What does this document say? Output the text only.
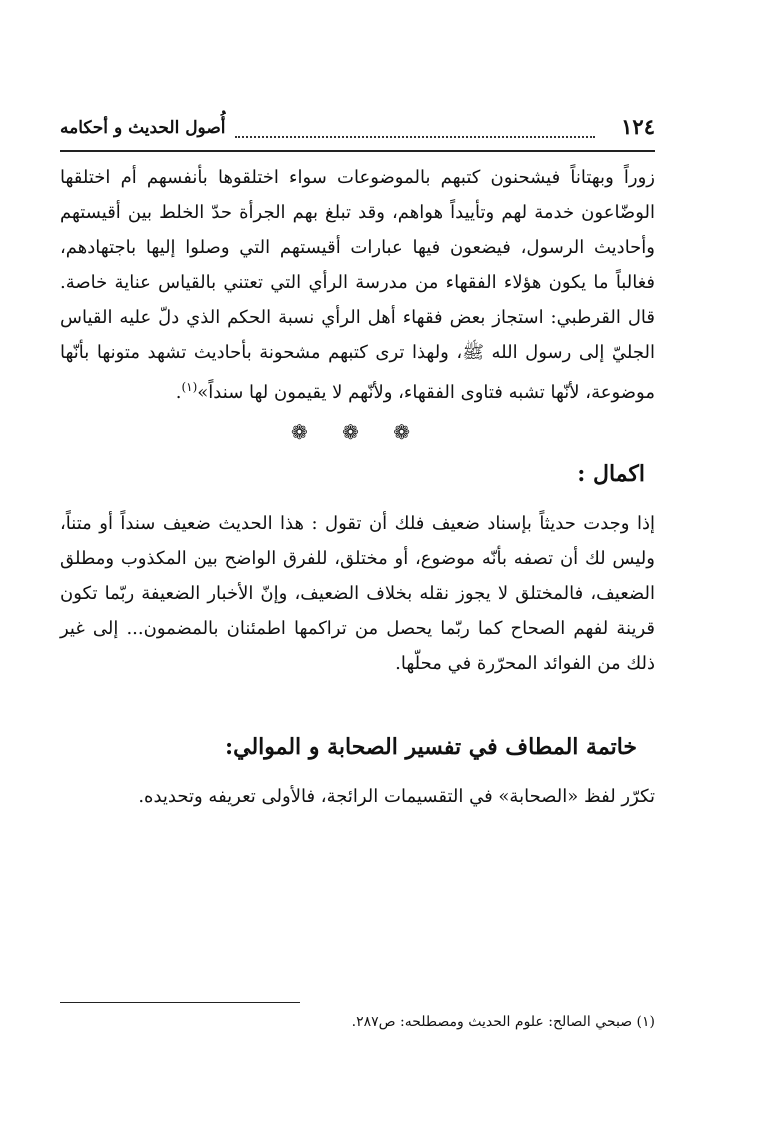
أُصول الحديث و أحكامه	١٢٤

زوراً وبهتاناً فيشحنون كتبهم بالموضوعات سواء اختلقوها بأنفسهم أم اختلقها الوضّاعون خدمة لهم وتأييداً هواهم، وقد تبلغ بهم الجرأة حدّ الخلط بين أقيستهم وأحاديث الرسول، فيضعون فيها عبارات أقيستهم التي وصلوا إليها باجتهادهم، فغالباً ما يكون هؤلاء الفقهاء من مدرسة الرأي التي تعتني بالقياس عناية خاصة. قال القرطبي: استجاز بعض فقهاء أهل الرأي نسبة الحكم الذي دلّ عليه القياس الجليّ إلى رسول الله ﷺ، ولهذا ترى كتبهم مشحونة بأحاديث تشهد متونها بأنّها موضوعة، لأنّها تشبه فتاوى الفقهاء، ولأنّهم لا يقيمون لها سنداً»$^{(١)}$.

❁ ❁ ❁
اكمال :

إذا وجدت حديثاً بإسناد ضعيف فلك أن تقول : هذا الحديث ضعيف سنداً أو متناً، وليس لك أن تصفه بأنّه موضوع، أو مختلق، للفرق الواضح بين المكذوب ومطلق الضعيف، فالمختلق لا يجوز نقله بخلاف الضعيف، وإنّ الأخبار الضعيفة ربّما تكون قرينة لفهم الصحاح كما ربّما يحصل من تراكمها اطمئنان بالمضمون... إلى غير ذلك من الفوائد المحرّرة في محلّها.

خاتمة المطاف في تفسير الصحابة و الموالي:

تكرّر لفظ «الصحابة» في التقسيمات الرائجة، فالأولى تعريفه وتحديده.

(١) صبحي الصالح: علوم الحديث ومصطلحه: ص٢٨٧.
